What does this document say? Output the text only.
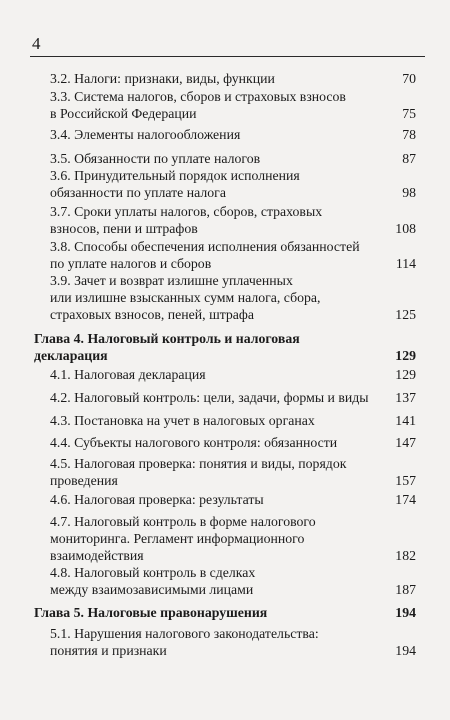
4
3.2. Налоги: признаки, виды, функции	70
3.3. Система налогов, сборов и страховых взносов
в Российской Федерации	75
3.4. Элементы налогообложения	78
3.5. Обязанности по уплате налогов	87
3.6. Принудительный порядок исполнения
обязанности по уплате налога	98
3.7. Сроки уплаты налогов, сборов, страховых
взносов, пени и штрафов	108
3.8. Способы обеспечения исполнения обязанностей
по уплате налогов и сборов	114
3.9. Зачет и возврат излишне уплаченных
или излишне взысканных сумм налога, сбора,
страховых взносов, пеней, штрафа	125
Глава 4. Налоговый контроль и налоговая
декларация	129
4.1. Налоговая декларация	129
4.2. Налоговый контроль: цели, задачи, формы и виды	137
4.3. Постановка на учет в налоговых органах	141
4.4. Субъекты налогового контроля: обязанности	147
4.5. Налоговая проверка: понятия и виды, порядок
проведения	157
4.6. Налоговая проверка: результаты	174
4.7. Налоговый контроль в форме налогового
мониторинга. Регламент информационного
взаимодействия	182
4.8. Налоговый контроль в сделках
между взаимозависимыми лицами	187
Глава 5. Налоговые правонарушения	194
5.1. Нарушения налогового законодательства:
понятия и признаки	194
